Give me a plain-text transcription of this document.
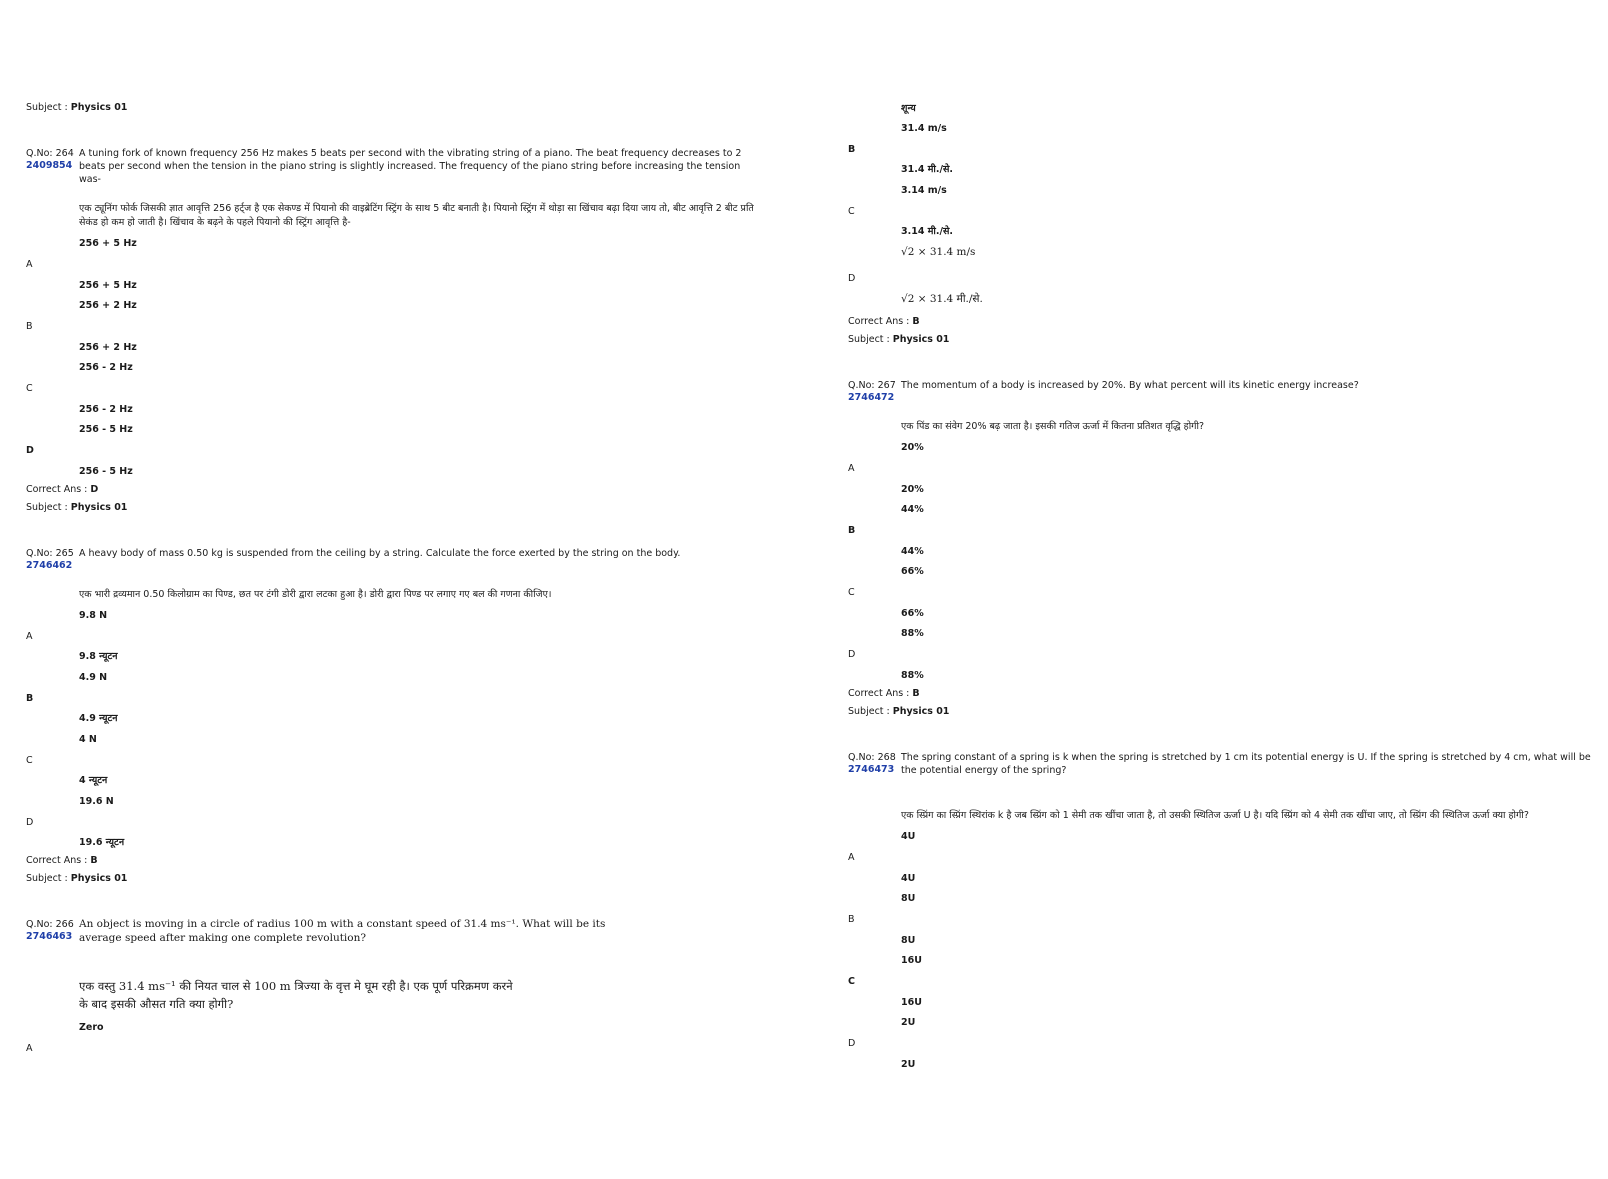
Subject : Physics 01
Q.No: 264
2409854
A tuning fork of known frequency 256 Hz makes 5 beats per second with the vibrating string of a piano. The beat frequency decreases to 2 beats per second when the tension in the piano string is slightly increased. The frequency of the piano string before increasing the tension was-
एक ट्यूनिंग फोर्क जिसकी ज्ञात आवृत्ति 256 हर्ट्ज है एक सेकण्ड में पियानो की वाइब्रेटिंग स्ट्रिंग के साथ 5 बीट बनाती है। पियानो स्ट्रिंग में थोड़ा सा खिंचाव बढ़ा दिया जाय तो, बीट आवृत्ति 2 बीट प्रति सेकंड हो कम हो जाती है। खिंचाव के बढ़ने के पहले पियानो की स्ट्रिंग आवृत्ति है-
256 + 5 Hz
A
256 + 5 Hz
256 + 2 Hz
B
256 + 2 Hz
256 - 2 Hz
C
256 - 2 Hz
256 - 5 Hz
D
256 - 5 Hz
Correct Ans : D
Subject : Physics 01
Q.No: 265
2746462
A heavy body of mass 0.50 kg is suspended from the ceiling by a string. Calculate the force exerted by the string on the body.
एक भारी द्रव्यमान 0.50 किलोग्राम का पिण्ड, छत पर टंगी डोरी द्वारा लटका हुआ है। डोरी द्वारा पिण्ड पर लगाए गए बल की गणना कीजिए।
9.8 N
A
9.8 न्यूटन
4.9 N
B
4.9 न्यूटन
4 N
C
4 न्यूटन
19.6 N
D
19.6 न्यूटन
Correct Ans : B
Subject : Physics 01
Q.No: 266
2746463
An object is moving in a circle of radius 100 m with a constant speed of 31.4 ms⁻¹. What will be its
average speed after making one complete revolution?
एक वस्तु 31.4 ms⁻¹ की नियत चाल से 100 m त्रिज्या के वृत्त मे घूम रही है। एक पूर्ण परिक्रमण करने
के बाद इसकी औसत गति क्या होगी?
Zero
A
शून्य
31.4 m/s
B
31.4 मी./से.
3.14 m/s
C
3.14 मी./से.
√2 × 31.4 m/s
D
√2 × 31.4 मी./से.
Correct Ans : B
Subject : Physics 01
Q.No: 267
2746472
The momentum of a body is increased by 20%. By what percent will its kinetic energy increase?
एक पिंड का संवेग 20% बढ़ जाता है। इसकी गतिज ऊर्जा में कितना प्रतिशत वृद्धि होगी?
20%
A
20%
44%
B
44%
66%
C
66%
88%
D
88%
Correct Ans : B
Subject : Physics 01
Q.No: 268
2746473
The spring constant of a spring is k when the spring is stretched by 1 cm its potential energy is U. If the spring is stretched by 4 cm, what will be the potential energy of the spring?
एक स्प्रिंग का स्प्रिंग स्थिरांक k है जब स्प्रिंग को 1 सेमी तक खींचा जाता है, तो उसकी स्थितिज ऊर्जा U है। यदि स्प्रिंग को 4 सेमी तक खींचा जाए, तो स्प्रिंग की स्थितिज ऊर्जा क्या होगी?
4U
A
4U
8U
B
8U
16U
C
16U
2U
D
2U
